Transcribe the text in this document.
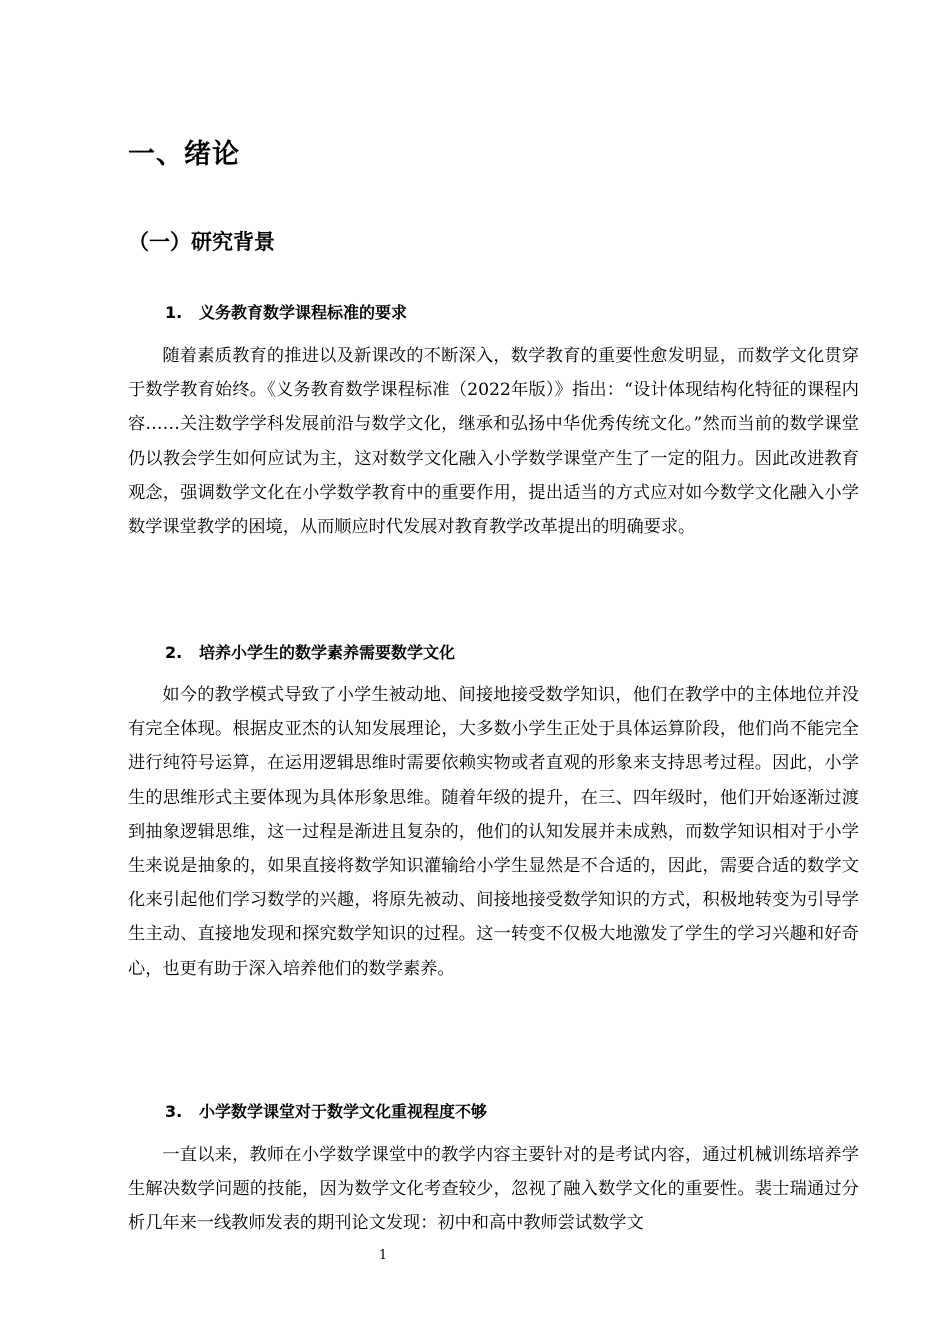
一、绪论
（一）研究背景
1. 义务教育数学课程标准的要求

随着素质教育的推进以及新课改的不断深入，数学教育的重要性愈发明显，而数学文化贯穿于数学教育始终。《义务教育数学课程标准（2022年版）》指出：“设计体现结构化特征的课程内容……关注数学学科发展前沿与数学文化，继承和弘扬中华优秀传统文化。”然而当前的数学课堂仍以教会学生如何应试为主，这对数学文化融入小学数学课堂产生了一定的阻力。因此改进教育观念，强调数学文化在小学数学教育中的重要作用，提出适当的方式应对如今数学文化融入小学数学课堂教学的困境，从而顺应时代发展对教育教学改革提出的明确要求。

2. 培养小学生的数学素养需要数学文化

如今的教学模式导致了小学生被动地、间接地接受数学知识，他们在教学中的主体地位并没有完全体现。根据皮亚杰的认知发展理论，大多数小学生正处于具体运算阶段，他们尚不能完全进行纯符号运算，在运用逻辑思维时需要依赖实物或者直观的形象来支持思考过程。因此，小学生的思维形式主要体现为具体形象思维。随着年级的提升，在三、四年级时，他们开始逐渐过渡到抽象逻辑思维，这一过程是渐进且复杂的，他们的认知发展并未成熟，而数学知识相对于小学生来说是抽象的，如果直接将数学知识灌输给小学生显然是不合适的，因此，需要合适的数学文化来引起他们学习数学的兴趣，将原先被动、间接地接受数学知识的方式，积极地转变为引导学生主动、直接地发现和探究数学知识的过程。这一转变不仅极大地激发了学生的学习兴趣和好奇心，也更有助于深入培养他们的数学素养。

3. 小学数学课堂对于数学文化重视程度不够

一直以来，教师在小学数学课堂中的教学内容主要针对的是考试内容，通过机械训练培养学生解决数学问题的技能，因为数学文化考查较少，忽视了融入数学文化的重要性。裴士瑞通过分析几年来一线教师发表的期刊论文发现：初中和高中教师尝试数学文

1
